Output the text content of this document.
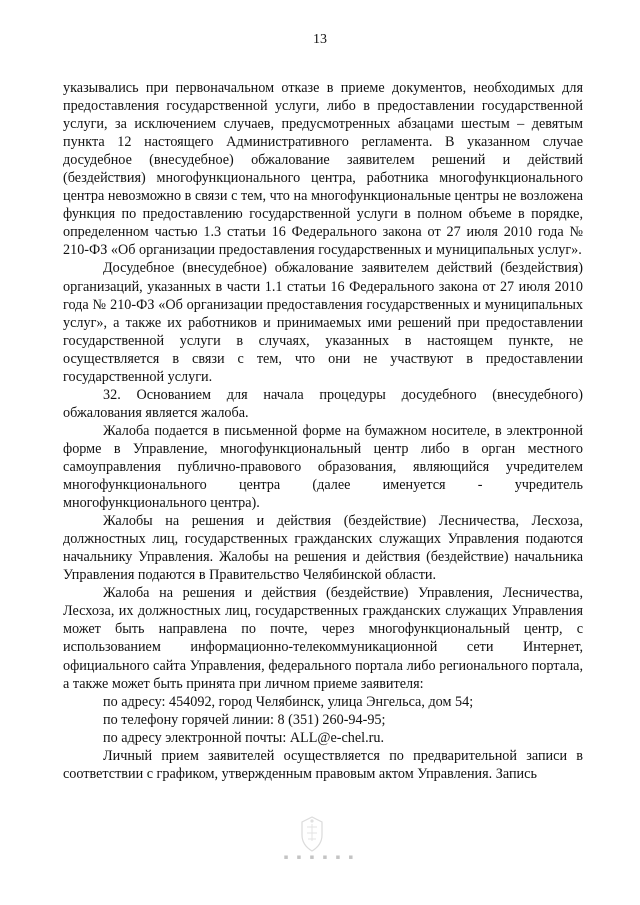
13

указывались при первоначальном отказе в приеме документов, необходимых для предоставления государственной услуги, либо в предоставлении государственной услуги, за исключением случаев, предусмотренных абзацами шестым – девятым пункта 12 настоящего Административного регламента. В указанном случае досудебное (внесудебное) обжалование заявителем решений и действий (бездействия) многофункционального центра, работника многофункционального центра невозможно в связи с тем, что на многофункциональные центры не возложена функция по предоставлению государственной услуги в полном объеме в порядке, определенном частью 1.3 статьи 16 Федерального закона от 27 июля 2010 года № 210-ФЗ «Об организации предоставления государственных и муниципальных услуг».

Досудебное (внесудебное) обжалование заявителем действий (бездействия) организаций, указанных в части 1.1 статьи 16 Федерального закона от 27 июля 2010 года № 210-ФЗ «Об организации предоставления государственных и муниципальных услуг», а также их работников и принимаемых ими решений при предоставлении государственной услуги в случаях, указанных в настоящем пункте, не осуществляется в связи с тем, что они не участвуют в предоставлении государственной услуги.

32. Основанием для начала процедуры досудебного (внесудебного) обжалования является жалоба.

Жалоба подается в письменной форме на бумажном носителе, в электронной форме в Управление, многофункциональный центр либо в орган местного самоуправления публично-правового образования, являющийся учредителем многофункционального центра (далее именуется - учредитель многофункционального центра).

Жалобы на решения и действия (бездействие) Лесничества, Лесхоза, должностных лиц, государственных гражданских служащих Управления подаются начальнику Управления. Жалобы на решения и действия (бездействие) начальника Управления подаются в Правительство Челябинской области.

Жалоба на решения и действия (бездействие) Управления, Лесничества, Лесхоза, их должностных лиц, государственных гражданских служащих Управления может быть направлена по почте, через многофункциональный центр, с использованием информационно-телекоммуникационной сети Интернет, официального сайта Управления, федерального портала либо регионального портала, а также может быть принята при личном приеме заявителя:

по адресу: 454092, город Челябинск, улица Энгельса, дом 54;

по телефону горячей линии: 8 (351) 260-94-95;

по адресу электронной почты: ALL@e-chel.ru.

Личный прием заявителей осуществляется по предварительной записи в соответствии с графиком, утвержденным правовым актом Управления. Запись

▪ ▪ ▪ ▪ ▪ ▪
